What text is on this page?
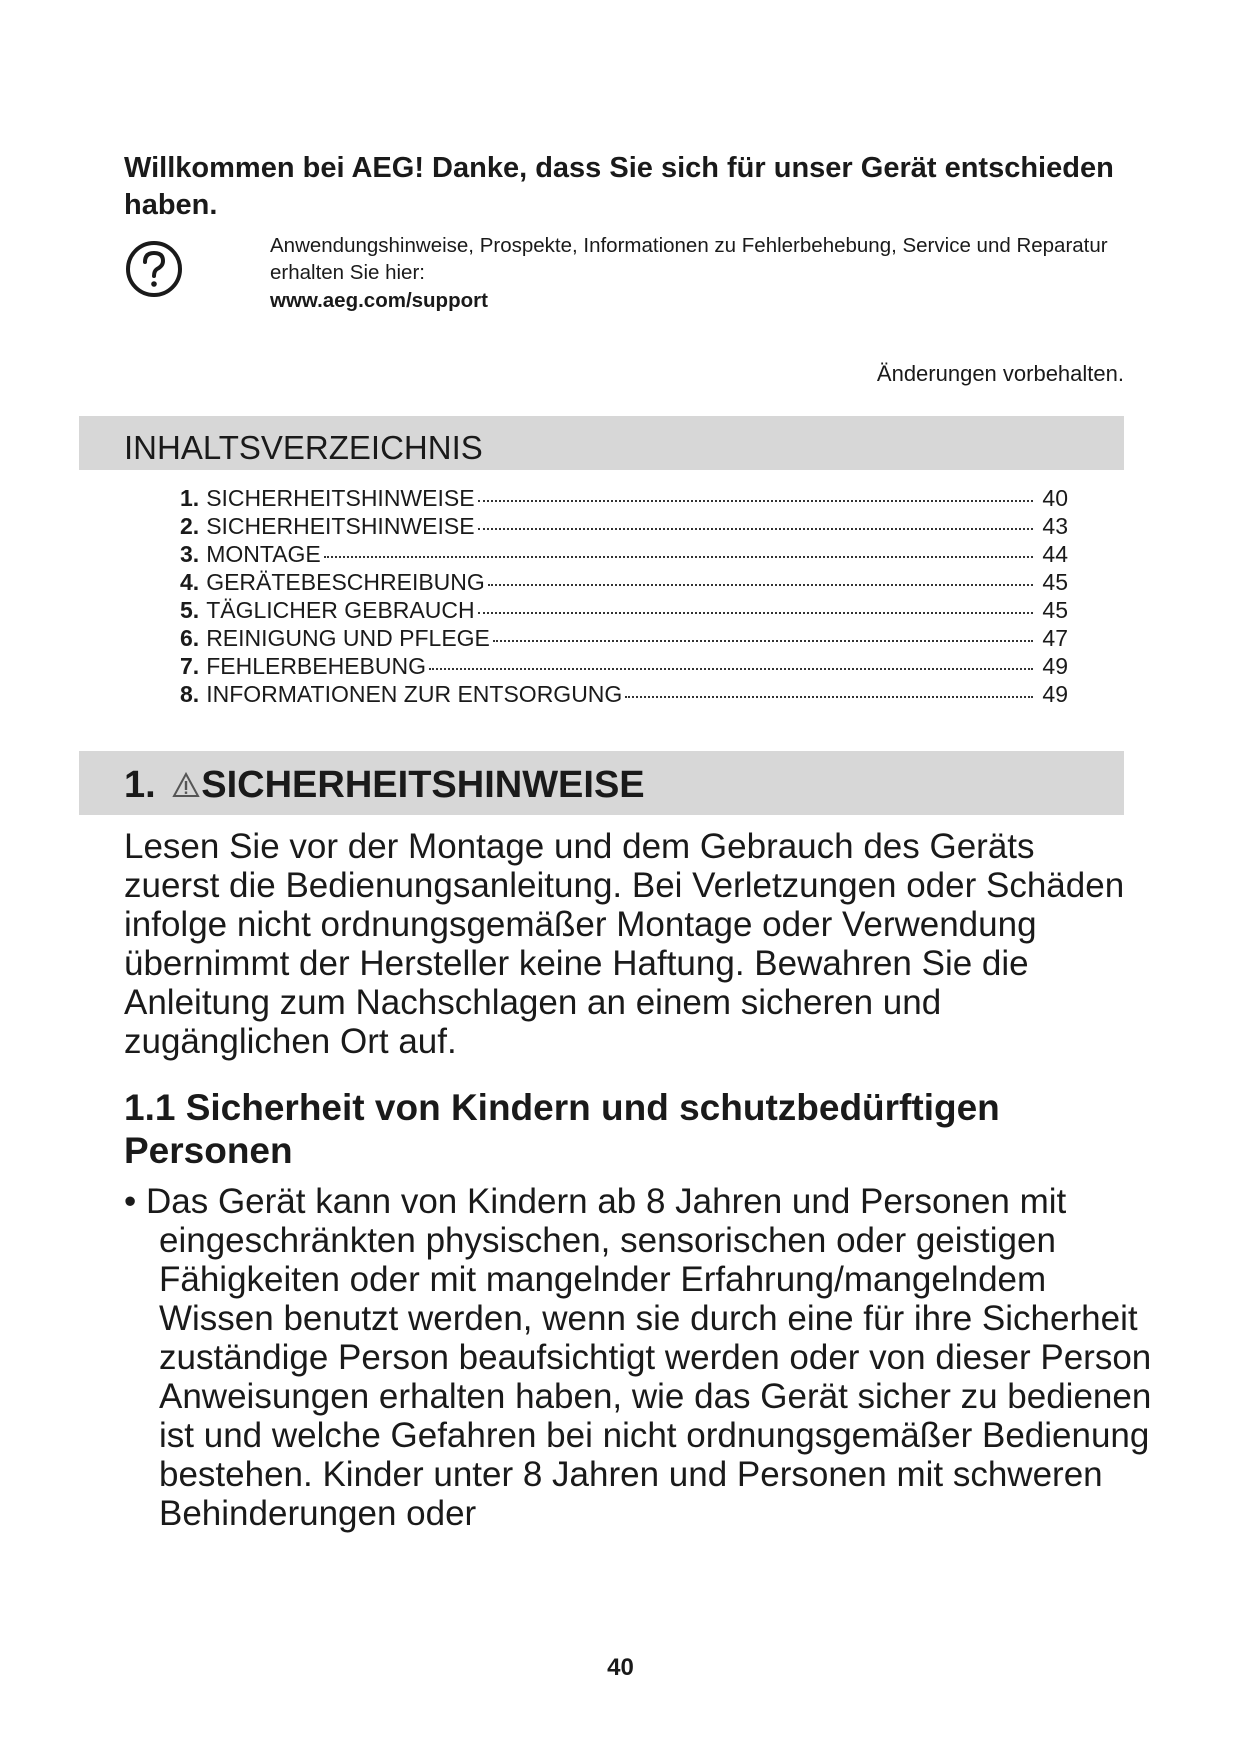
Willkommen bei AEG! Danke, dass Sie sich für unser Gerät entschieden haben.

Anwendungshinweise, Prospekte, Informationen zu Fehlerbehebung, Service und Reparatur erhalten Sie hier:

www.aeg.com/support

Änderungen vorbehalten.

INHALTSVERZEICHNIS
1. SICHERHEITSHINWEISE	40
2. SICHERHEITSHINWEISE	43
3. MONTAGE	44
4. GERÄTEBESCHREIBUNG	45
5. TÄGLICHER GEBRAUCH	45
6. REINIGUNG UND PFLEGE	47
7. FEHLERBEHEBUNG	49
8. INFORMATIONEN ZUR ENTSORGUNG	49
1. SICHERHEITSHINWEISE

Lesen Sie vor der Montage und dem Gebrauch des Geräts zuerst die Bedienungsanleitung. Bei Verletzungen oder Schäden infolge nicht ordnungsgemäßer Montage oder Verwendung übernimmt der Hersteller keine Haftung. Bewahren Sie die Anleitung zum Nachschlagen an einem sicheren und zugänglichen Ort auf.

1.1 Sicherheit von Kindern und schutzbedürftigen Personen

• Das Gerät kann von Kindern ab 8 Jahren und Personen mit eingeschränkten physischen, sensorischen oder geistigen Fähigkeiten oder mit mangelnder Erfahrung/mangelndem Wissen benutzt werden, wenn sie durch eine für ihre Sicherheit zuständige Person beaufsichtigt werden oder von dieser Person Anweisungen erhalten haben, wie das Gerät sicher zu bedienen ist und welche Gefahren bei nicht ordnungsgemäßer Bedienung bestehen. Kinder unter 8 Jahren und Personen mit schweren Behinderungen oder

40
